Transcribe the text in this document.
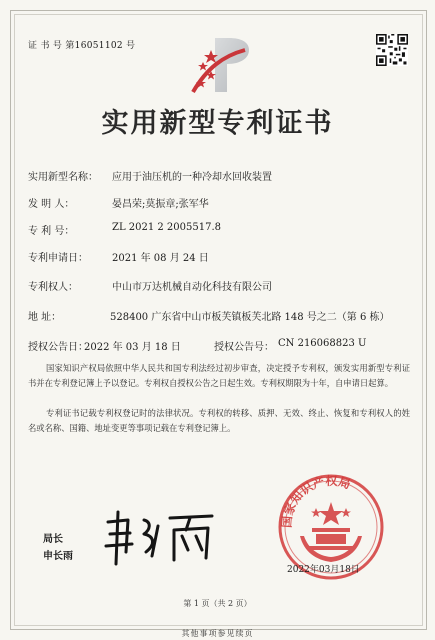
证 书 号 第16051102 号
实用新型专利证书
实用新型名称： 应用于油压机的一种冷却水回收装置
发 明 人：	晏昌荣;莫振章;张军华
专 利 号：	ZL 2021 2 2005517.8
专利申请日： 2021 年 08 月 24 日
专利权人：	中山市万达机械自动化科技有限公司
地 址：	528400 广东省中山市板芙镇板芙北路 148 号之二（第 6 栋）
授权公告日：
2022 年 03 月 18 日	授权公告号： CN 216068823 U
国家知识产权局依照中华人民共和国专利法经过初步审查，决定授予专利权，颁发实用新型专利证书并在专利登记簿上予以登记。专利权自授权公告之日起生效。专利权期限为十年，自申请日起算。
专利证书记载专利权登记时的法律状况。专利权的转移、质押、无效、终止、恢复和专利权人的姓名或名称、国籍、地址变更等事项记载在专利登记簿上。
局长
申长雨
国家知识产权局
2022年03月18日
第 1 页（共 2 页）
其他事项参见续页
